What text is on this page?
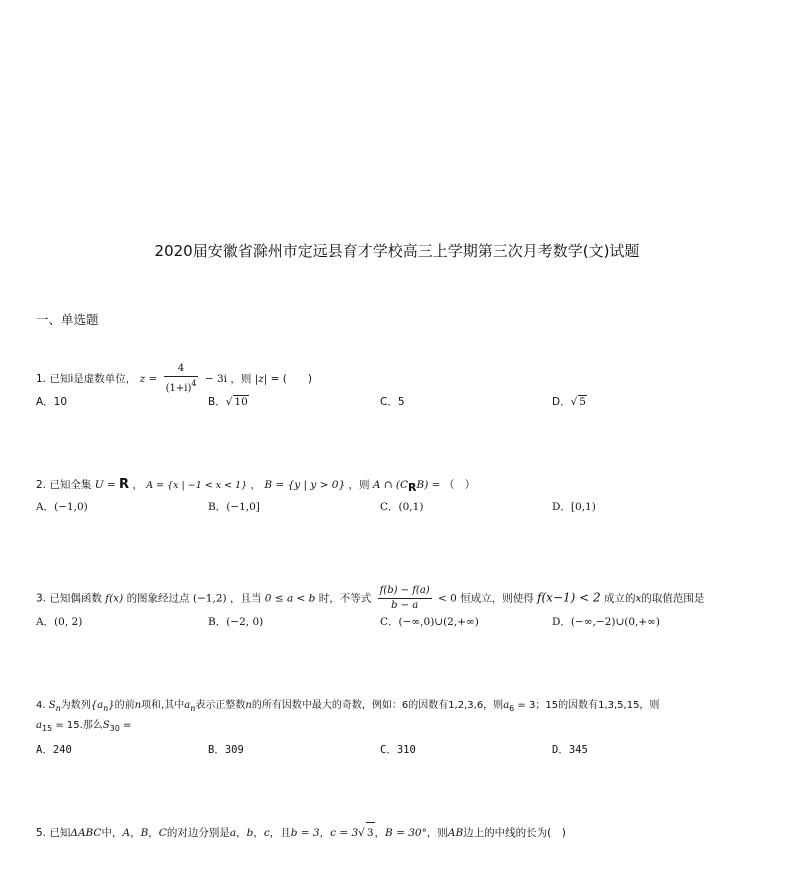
2020届安徽省滁州市定远县育才学校高三上学期第三次月考数学(文)试题
一、单选题
1. 已知i是虚数单位， $z = \frac{4}{(1+i)^4} - 3i$ ，则 |z| = (　　)
A．10	B．√ 10	C．5	D．√ 5
2. 已知全集 U = R ， A = {x | −1 < x < 1} ， B = {y | y > 0} ，则 A ∩ (CRB) = （　）
A．(−1,0)	B．(−1,0]	C．(0,1)	D．[0,1)
3. 已知偶函数 f(x) 的图象经过点 (−1,2) ，且当 0 ≤ a < b 时，不等式 $\frac{f(b) - f(a)}{b - a} < 0$ 恒成立，则使得 f(x−1) < 2 成立的x的取值范围是
A．(0, 2)	B．(−2, 0)	C．(−∞,0)∪(2,+∞)	D．(−∞,−2)∪(0,+∞)
4. $S_n$为数列$\{a_n\}$的前n项和,其中$a_n$表示正整数n的所有因数中最大的奇数，例如：6的因数有1,2,3,6，则$a_6 = 3$；15的因数有1,3,5,15，则
$a_{15} = 15$.那么$S_{30}$ =
A．240	B．309	C．310	D．345
5. 已知ΔABC中，A，B，C的对边分别是a，b，c，且b = 3，c = 3√ 3，B = 30°，则AB边上的中线的长为(　)
